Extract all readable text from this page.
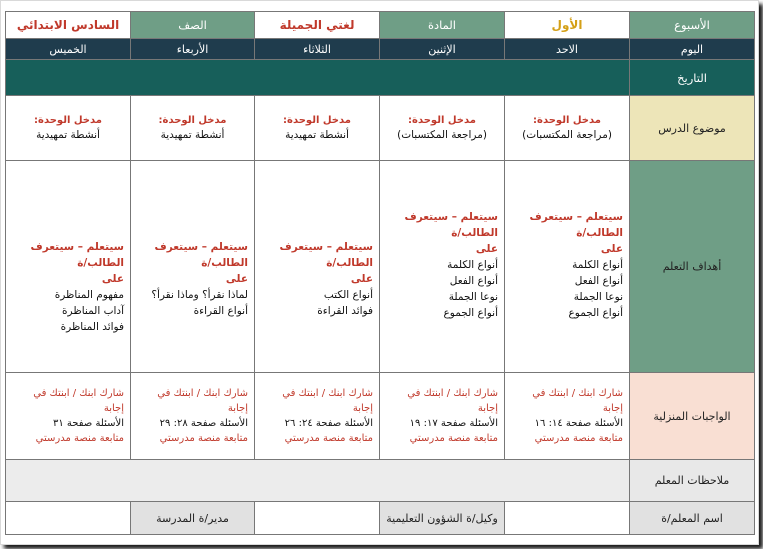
الأسبوع
الأول
المادة
لغتي الجميلة
الصف
السادس الابتدائي
اليوم
الاحد
الإثنين
الثلاثاء
الأربعاء
الخميس
التاريخ
موضوع الدرس
مدخل الوحدة:
(مراجعة المكتسبات)
مدخل الوحدة:
(مراجعة المكتسبات)
مدخل الوحدة:
أنشطة تمهيدية
مدخل الوحدة:
أنشطة تمهيدية
مدخل الوحدة:
أنشطة تمهيدية
أهداف التعلم
سيتعلم – سيتعرف الطالب/ة
على
أنواع الكلمة
أنواع الفعل
نوعا الجملة
أنواع الجموع
سيتعلم – سيتعرف الطالب/ة
على
أنواع الكلمة
أنواع الفعل
نوعا الجملة
أنواع الجموع
سيتعلم – سيتعرف الطالب/ة
على
أنواع الكتب
فوائد القراءة
سيتعلم – سيتعرف الطالب/ة
على
لماذا نقرأ؟ وماذا نقرأ؟
أنواع القراءة
سيتعلم – سيتعرف الطالب/ة
على
مفهوم المناظرة
آداب المناظرة
فوائد المناظرة
الواجبات المنزلية
شارك ابنك / ابنتك في إجابة
الأسئلة صفحة ١٤: ١٦
متابعة منصة مدرستي
شارك ابنك / ابنتك في إجابة
الأسئلة صفحة ١٧: ١٩
متابعة منصة مدرستي
شارك ابنك / ابنتك في إجابة
الأسئلة صفحة ٢٤: ٢٦
متابعة منصة مدرستي
شارك ابنك / ابنتك في إجابة
الأسئلة صفحة ٢٨: ٢٩
متابعة منصة مدرستي
شارك ابنك / ابنتك في إجابة
الأسئلة صفحة ٣١
متابعة منصة مدرستي
ملاحظات المعلم
اسم المعلم/ة
وكيل/ة الشؤون التعليمية
مدير/ة المدرسة
